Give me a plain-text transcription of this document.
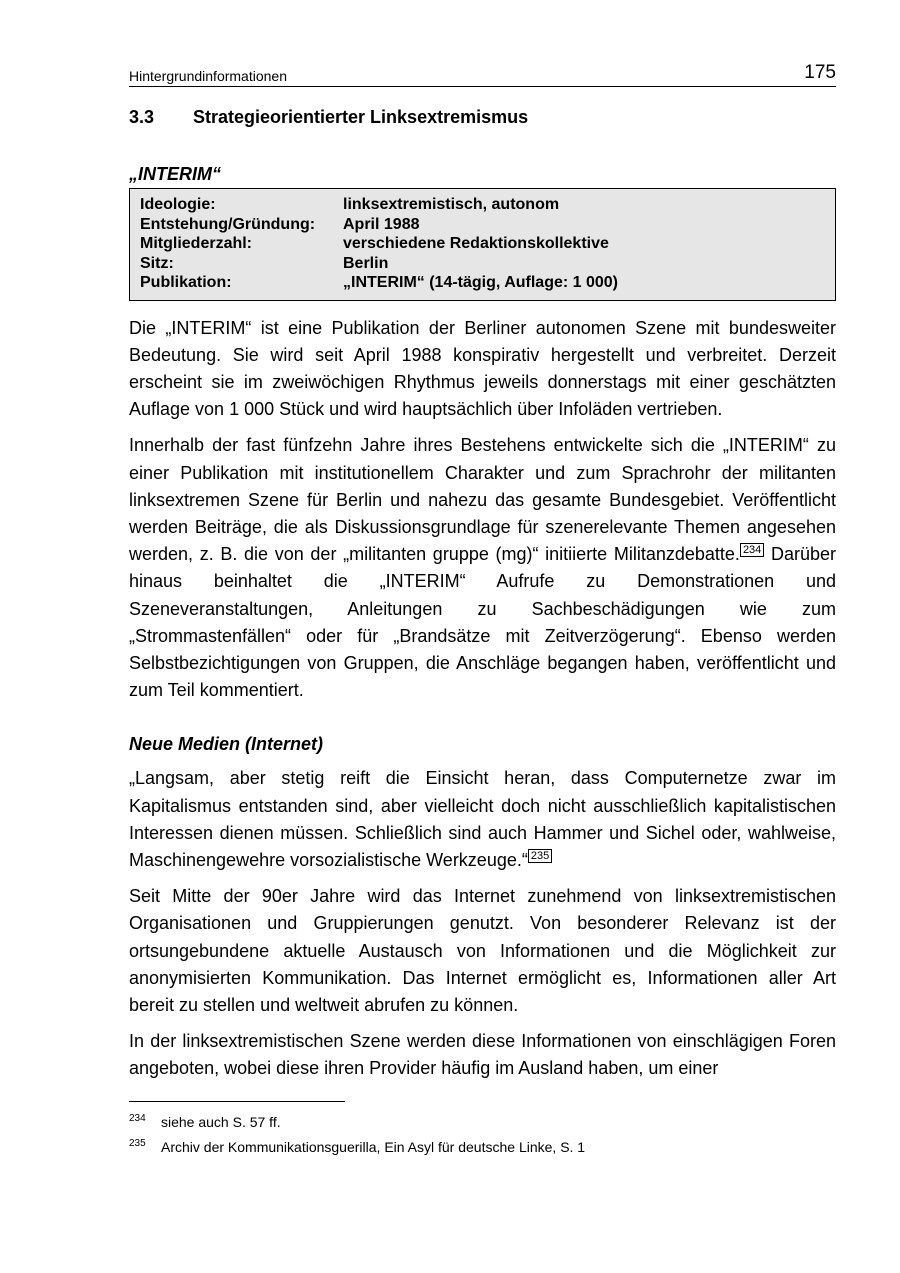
Hintergrundinformationen	175
3.3	Strategieorientierter Linksextremismus
„INTERIM“
Ideologie:	linksextremistisch, autonom
Entstehung/Gründung:	April 1988
Mitgliederzahl:	verschiedene Redaktionskollektive
Sitz:	Berlin
Publikation:	„INTERIM“ (14-tägig, Auflage: 1 000)

Die „INTERIM“ ist eine Publikation der Berliner autonomen Szene mit bundesweiter Bedeutung. Sie wird seit April 1988 konspirativ hergestellt und verbreitet. Derzeit erscheint sie im zweiwöchigen Rhythmus jeweils donnerstags mit einer geschätzten Auflage von 1 000 Stück und wird hauptsächlich über Infoläden vertrieben.

Innerhalb der fast fünfzehn Jahre ihres Bestehens entwickelte sich die „INTERIM“ zu einer Publikation mit institutionellem Charakter und zum Sprachrohr der militanten linksextremen Szene für Berlin und nahezu das gesamte Bundesgebiet. Veröffentlicht werden Beiträge, die als Diskussionsgrundlage für szenerelevante Themen angesehen werden, z. B. die von der „militanten gruppe (mg)“ initiierte Militanzdebatte. $^{234}$ Darüber hinaus beinhaltet die „INTERIM“ Aufrufe zu Demonstrationen und Szeneveranstaltungen, Anleitungen zu Sachbeschädigungen wie zum „Strommastenfällen“ oder für „Brandsätze mit Zeitverzögerung“. Ebenso werden Selbstbezichtigungen von Gruppen, die Anschläge begangen haben, veröffentlicht und zum Teil kommentiert.

Neue Medien (Internet)

„Langsam, aber stetig reift die Einsicht heran, dass Computernetze zwar im Kapitalismus entstanden sind, aber vielleicht doch nicht ausschließlich kapitalistischen Interessen dienen müssen. Schließlich sind auch Hammer und Sichel oder, wahlweise, Maschinengewehre vorsozialistische Werkzeuge.“ $^{235}$

Seit Mitte der 90er Jahre wird das Internet zunehmend von linksextremistischen Organisationen und Gruppierungen genutzt. Von besonderer Relevanz ist der ortsungebundene aktuelle Austausch von Informationen und die Möglichkeit zur anonymisierten Kommunikation. Das Internet ermöglicht es, Informationen aller Art bereit zu stellen und weltweit abrufen zu können.

In der linksextremistischen Szene werden diese Informationen von einschlägigen Foren angeboten, wobei diese ihren Provider häufig im Ausland haben, um einer

234	siehe auch S. 57 ff.
235	Archiv der Kommunikationsguerilla, Ein Asyl für deutsche Linke, S. 1
